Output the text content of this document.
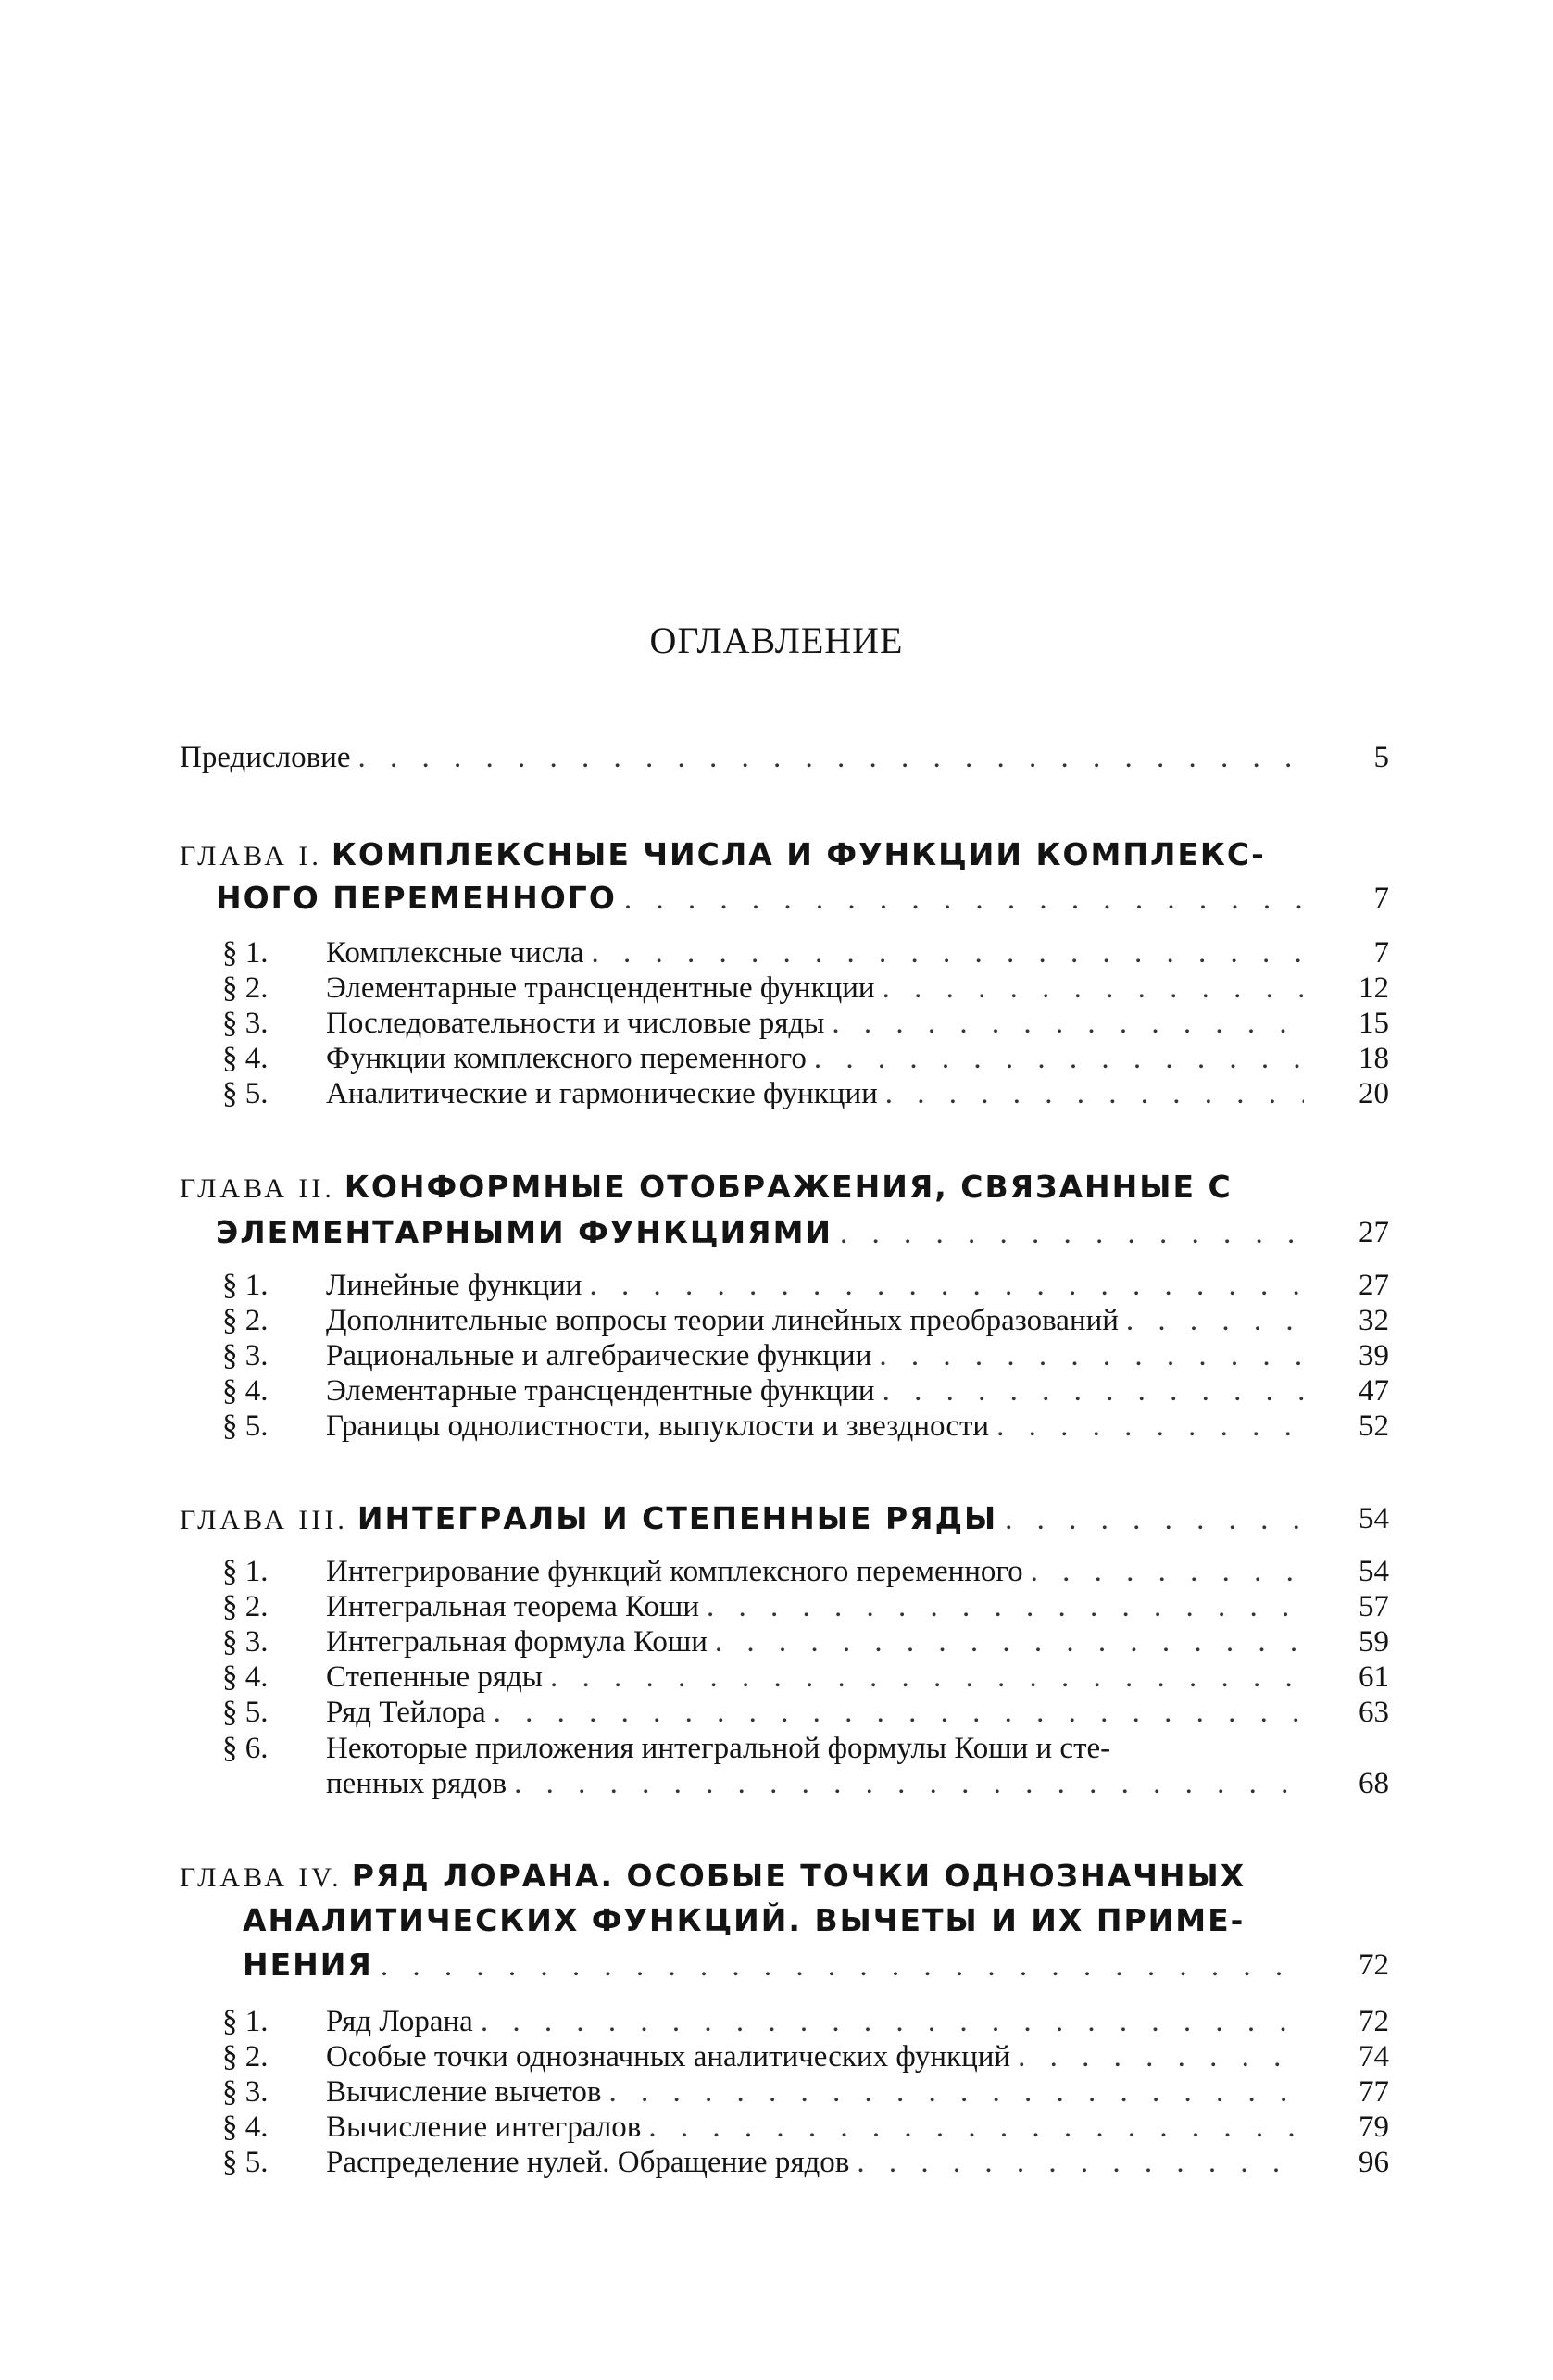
ОГЛАВЛЕНИЕ
Предисловие . . .	5
ГЛАВА I. КОМПЛЕКСНЫЕ ЧИСЛА И ФУНКЦИИ КОМПЛЕКС-
НОГО ПЕРЕМЕННОГО . . .	7
§ 1. Комплексные числа . . .	7
§ 2. Элементарные трансцендентные функции . . .	12
§ 3. Последовательности и числовые ряды . . .	15
§ 4. Функции комплексного переменного . . .	18
§ 5. Аналитические и гармонические функции . . .	20
ГЛАВА II. КОНФОРМНЫЕ ОТОБРАЖЕНИЯ, СВЯЗАННЫЕ С
ЭЛЕМЕНТАРНЫМИ ФУНКЦИЯМИ . . .	27
§ 1. Линейные функции . . .	27
§ 2. Дополнительные вопросы теории линейных преобразований . . .	32
§ 3. Рациональные и алгебраические функции . . .	39
§ 4. Элементарные трансцендентные функции . . .	47
§ 5. Границы однолистности, выпуклости и звездности . . .	52
ГЛАВА III. ИНТЕГРАЛЫ И СТЕПЕННЫЕ РЯДЫ . . .	54
§ 1. Интегрирование функций комплексного переменного . . .	54
§ 2. Интегральная теорема Коши . . .	57
§ 3. Интегральная формула Коши . . .	59
§ 4. Степенные ряды . . .	61
§ 5. Ряд Тейлора . . .	63
§ 6. Некоторые приложения интегральной формулы Коши и сте-
пенных рядов . . .	68
ГЛАВА IV. РЯД ЛОРАНА. ОСОБЫЕ ТОЧКИ ОДНОЗНАЧНЫХ
АНАЛИТИЧЕСКИХ ФУНКЦИЙ. ВЫЧЕТЫ И ИХ ПРИМЕ-
НЕНИЯ . . .	72
§ 1. Ряд Лорана . . .	72
§ 2. Особые точки однозначных аналитических функций . . .	74
§ 3. Вычисление вычетов . . .	77
§ 4. Вычисление интегралов . . .	79
§ 5. Распределение нулей. Обращение рядов . . .	96
